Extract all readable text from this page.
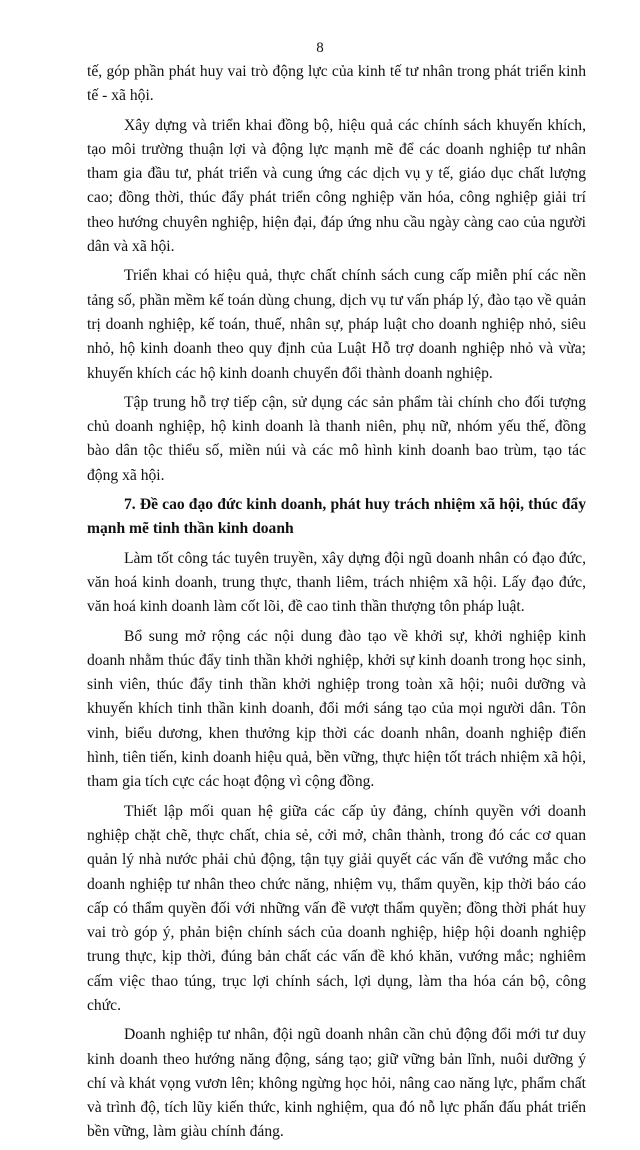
8

tế, góp phần phát huy vai trò động lực của kinh tế tư nhân trong phát triển kinh tế - xã hội.

Xây dựng và triển khai đồng bộ, hiệu quả các chính sách khuyến khích, tạo môi trường thuận lợi và động lực mạnh mẽ để các doanh nghiệp tư nhân tham gia đầu tư, phát triển và cung ứng các dịch vụ y tế, giáo dục chất lượng cao; đồng thời, thúc đẩy phát triển công nghiệp văn hóa, công nghiệp giải trí theo hướng chuyên nghiệp, hiện đại, đáp ứng nhu cầu ngày càng cao của người dân và xã hội.

Triển khai có hiệu quả, thực chất chính sách cung cấp miễn phí các nền tảng số, phần mềm kế toán dùng chung, dịch vụ tư vấn pháp lý, đào tạo về quản trị doanh nghiệp, kế toán, thuế, nhân sự, pháp luật cho doanh nghiệp nhỏ, siêu nhỏ, hộ kinh doanh theo quy định của Luật Hỗ trợ doanh nghiệp nhỏ và vừa; khuyến khích các hộ kinh doanh chuyển đổi thành doanh nghiệp.

Tập trung hỗ trợ tiếp cận, sử dụng các sản phẩm tài chính cho đối tượng chủ doanh nghiệp, hộ kinh doanh là thanh niên, phụ nữ, nhóm yếu thế, đồng bào dân tộc thiểu số, miền núi và các mô hình kinh doanh bao trùm, tạo tác động xã hội.

7. Đề cao đạo đức kinh doanh, phát huy trách nhiệm xã hội, thúc đẩy mạnh mẽ tinh thần kinh doanh

Làm tốt công tác tuyên truyền, xây dựng đội ngũ doanh nhân có đạo đức, văn hoá kinh doanh, trung thực, thanh liêm, trách nhiệm xã hội. Lấy đạo đức, văn hoá kinh doanh làm cốt lõi, đề cao tinh thần thượng tôn pháp luật.

Bổ sung mở rộng các nội dung đào tạo về khởi sự, khởi nghiệp kinh doanh nhằm thúc đẩy tinh thần khởi nghiệp, khởi sự kinh doanh trong học sinh, sinh viên, thúc đẩy tinh thần khởi nghiệp trong toàn xã hội; nuôi dưỡng và khuyến khích tinh thần kinh doanh, đổi mới sáng tạo của mọi người dân. Tôn vinh, biểu dương, khen thưởng kịp thời các doanh nhân, doanh nghiệp điển hình, tiên tiến, kinh doanh hiệu quả, bền vững, thực hiện tốt trách nhiệm xã hội, tham gia tích cực các hoạt động vì cộng đồng.

Thiết lập mối quan hệ giữa các cấp ủy đảng, chính quyền với doanh nghiệp chặt chẽ, thực chất, chia sẻ, cởi mở, chân thành, trong đó các cơ quan quản lý nhà nước phải chủ động, tận tụy giải quyết các vấn đề vướng mắc cho doanh nghiệp tư nhân theo chức năng, nhiệm vụ, thẩm quyền, kịp thời báo cáo cấp có thẩm quyền đối với những vấn đề vượt thẩm quyền; đồng thời phát huy vai trò góp ý, phản biện chính sách của doanh nghiệp, hiệp hội doanh nghiệp trung thực, kịp thời, đúng bản chất các vấn đề khó khăn, vướng mắc; nghiêm cấm việc thao túng, trục lợi chính sách, lợi dụng, làm tha hóa cán bộ, công chức.

Doanh nghiệp tư nhân, đội ngũ doanh nhân cần chủ động đổi mới tư duy kinh doanh theo hướng năng động, sáng tạo; giữ vững bản lĩnh, nuôi dưỡng ý chí và khát vọng vươn lên; không ngừng học hỏi, nâng cao năng lực, phẩm chất và trình độ, tích lũy kiến thức, kinh nghiệm, qua đó nỗ lực phấn đấu phát triển bền vững, làm giàu chính đáng.
